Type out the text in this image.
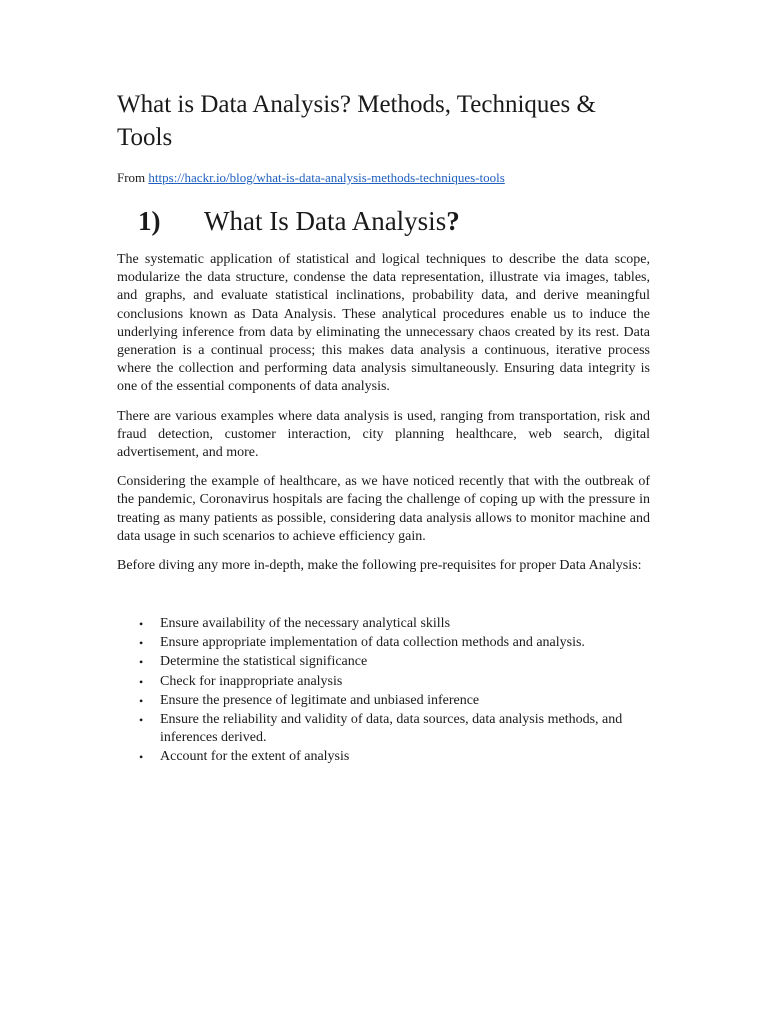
What is Data Analysis? Methods, Techniques & Tools
From https://hackr.io/blog/what-is-data-analysis-methods-techniques-tools
1)	What Is Data Analysis?

The systematic application of statistical and logical techniques to describe the data scope, modularize the data structure, condense the data representation, illustrate via images, tables, and graphs, and evaluate statistical inclinations, probability data, and derive meaningful conclusions known as Data Analysis. These analytical procedures enable us to induce the underlying inference from data by eliminating the unnecessary chaos created by its rest. Data generation is a continual process; this makes data analysis a continuous, iterative process where the collection and performing data analysis simultaneously. Ensuring data integrity is one of the essential components of data analysis.

There are various examples where data analysis is used, ranging from transportation, risk and fraud detection, customer interaction, city planning healthcare, web search, digital advertisement, and more.

Considering the example of healthcare, as we have noticed recently that with the outbreak of the pandemic, Coronavirus hospitals are facing the challenge of coping up with the pressure in treating as many patients as possible, considering data analysis allows to monitor machine and data usage in such scenarios to achieve efficiency gain.

Before diving any more in-depth, make the following pre-requisites for proper Data Analysis:

• Ensure availability of the necessary analytical skills
• Ensure appropriate implementation of data collection methods and analysis.
• Determine the statistical significance
• Check for inappropriate analysis
• Ensure the presence of legitimate and unbiased inference
• Ensure the reliability and validity of data, data sources, data analysis methods, and inferences derived.
• Account for the extent of analysis
